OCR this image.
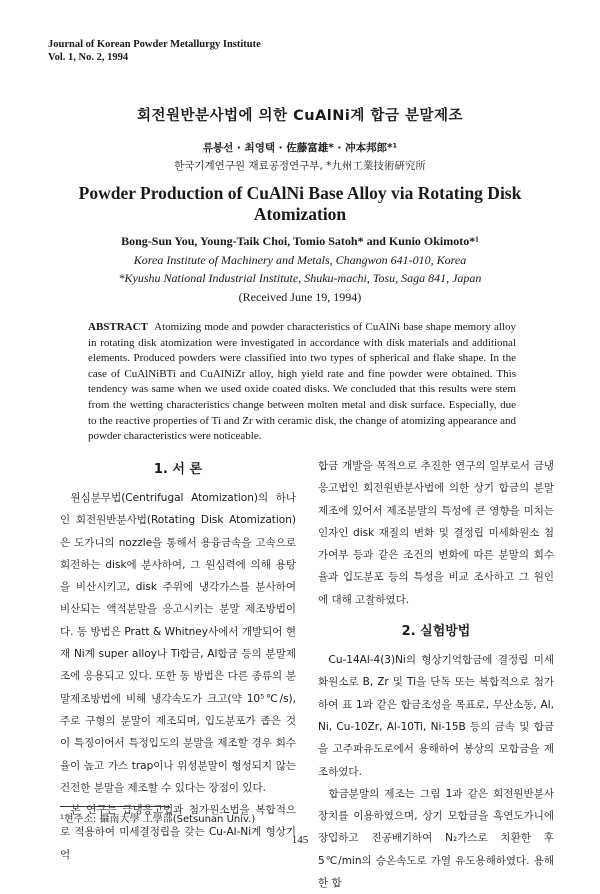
Journal of Korean Powder Metallurgy Institute
Vol. 1, No. 2, 1994
회전원반분사법에 의한 CuAlNi계 합금 분말제조
류봉선 · 최영택 · 佐藤富雄* · 冲本邦郎*¹
한국기계연구원 재료공정연구부, *九州工業技術硏究所
Powder Production of CuAlNi Base Alloy via Rotating Disk Atomization
Bong-Sun You, Young-Taik Choi, Tomio Satoh* and Kunio Okimoto*¹
Korea Institute of Machinery and Metals, Changwon 641-010, Korea
*Kyushu National Industrial Institute, Shuku-machi, Tosu, Saga 841, Japan
(Received June 19, 1994)
ABSTRACT Atomizing mode and powder characteristics of CuAlNi base shape memory alloy in rotating disk atomization were investigated in accordance with disk materials and additional elements. Produced powders were classified into two types of spherical and flake shape. In the case of CuAlNiBTi and CuAlNiZr alloy, high yield rate and fine powder were obtained. This tendency was same when we used oxide coated disks. We concluded that this results were stem from the wetting characteristics change between molten metal and disk surface. Especially, due to the reactive properties of Ti and Zr with ceramic disk, the change of atomizing appearance and powder characteristics were noticeable.
1. 서 론

원심분무법(Centrifugal Atomization)의 하나인 회전원반분사법(Rotating Disk Atomization)은 도가니의 nozzle을 통해서 용융금속을 고속으로 회전하는 disk에 분사하여, 그 원심력에 의해 용탕을 비산시키고, disk 주위에 냉각가스를 분사하여 비산되는 액적분말을 응고시키는 분말 제조방법이다. 동 방법은 Pratt & Whitney사에서 개발되어 현재 Ni계 super alloy나 Ti합금, Al합금 등의 분말제조에 응용되고 있다. 또한 동 방법은 다른 종류의 분말제조방법에 비해 냉각속도가 크고(약 10⁵℃/s), 주로 구형의 분말이 제조되며, 입도분포가 좁은 것이 특징이어서 특정입도의 분말을 제조할 경우 회수율이 높고 가스 trap이나 위성분말이 형성되지 않는 건전한 분말을 제조할 수 있다는 장점이 있다.

본 연구는 급냉응고법과 첨가원소법을 복합적으로 적용하여 미세결정립을 갖는 Cu-Al-Ni계 형상기억

합금 개발을 목적으로 추진한 연구의 일부로서 금냉응고법인 회전원반분사법에 의한 상기 합금의 분말제조에 있어서 제조분말의 특성에 큰 영향을 미치는 인자인 disk 재질의 변화 및 결정립 미세화원소 첨가여부 등과 같은 조건의 변화에 따른 분말의 회수율과 입도분포 등의 특성을 비교 조사하고 그 원인에 대해 고찰하였다.

2. 실험방법

Cu-14Al-4(3)Ni의 형상기억합금에 결정립 미세화원소로 B, Zr 및 Ti을 단독 또는 복합적으로 첨가하여 표 1과 같은 합금조성을 목표로, 무산소동, Al, Ni, Cu-10Zr, Al-10Ti, Ni-15B 등의 금속 및 합금을 고주파유도로에서 용해하여 봉상의 모합금을 제조하였다.

합금분말의 제조는 그림 1과 같은 회전원반분사장치를 이용하였으며, 상기 모합금을 흑연도가니에 장입하고 진공배기하여 N₂가스로 치환한 후 5℃/min의 승온속도로 가열 유도용해하였다. 용해한 합

¹현주소: 攝南大學 工學部(Setsunan Univ.)
145
